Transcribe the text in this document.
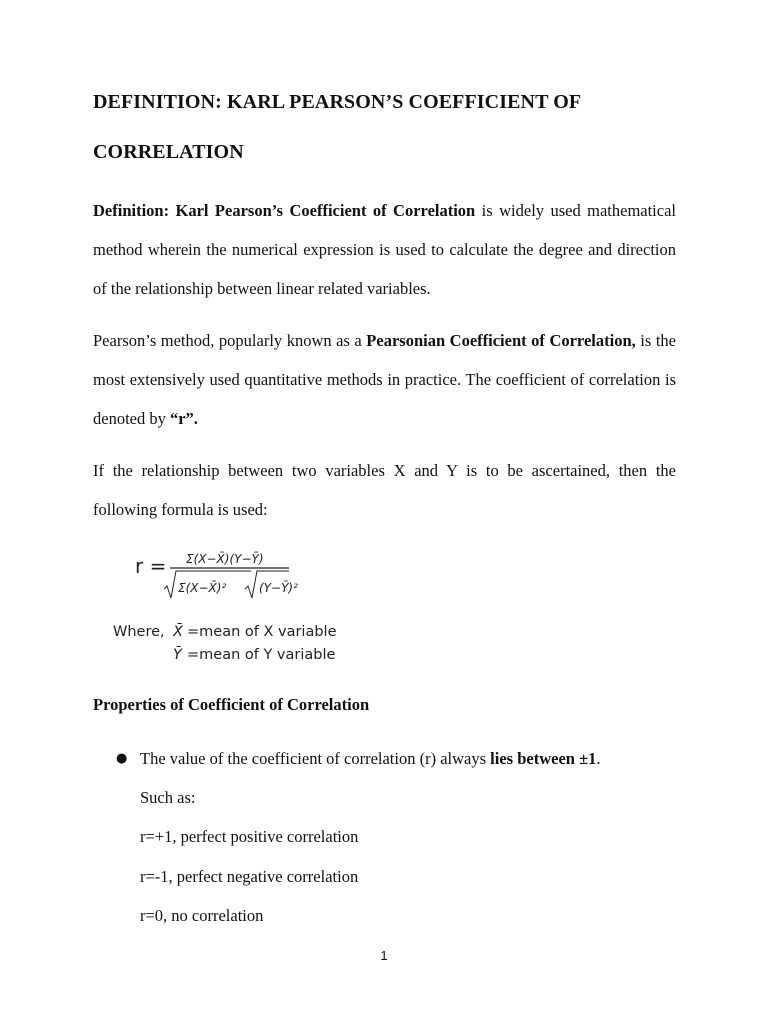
DEFINITION: KARL PEARSON’S COEFFICIENT OF
CORRELATION

Definition: Karl Pearson’s Coefficient of Correlation is widely used mathematical method wherein the numerical expression is used to calculate the degree and direction of the relationship between linear related variables.

Pearson’s method, popularly known as a Pearsonian Coefficient of Correlation, is the most extensively used quantitative methods in practice. The coefficient of correlation is denoted by “r”.

If the relationship between two variables X and Y is to be ascertained, then the following formula is used:

r = Σ(X−X̄)(Y−Ȳ)
Σ(X−X̄)²	(Y−Ȳ)²
Where, X̄ =mean of X variable
Ȳ =mean of Y variable
Properties of Coefficient of Correlation
● The value of the coefficient of correlation (r) always lies between ±1.
Such as:
r=+1, perfect positive correlation
r=-1, perfect negative correlation
r=0, no correlation
1
